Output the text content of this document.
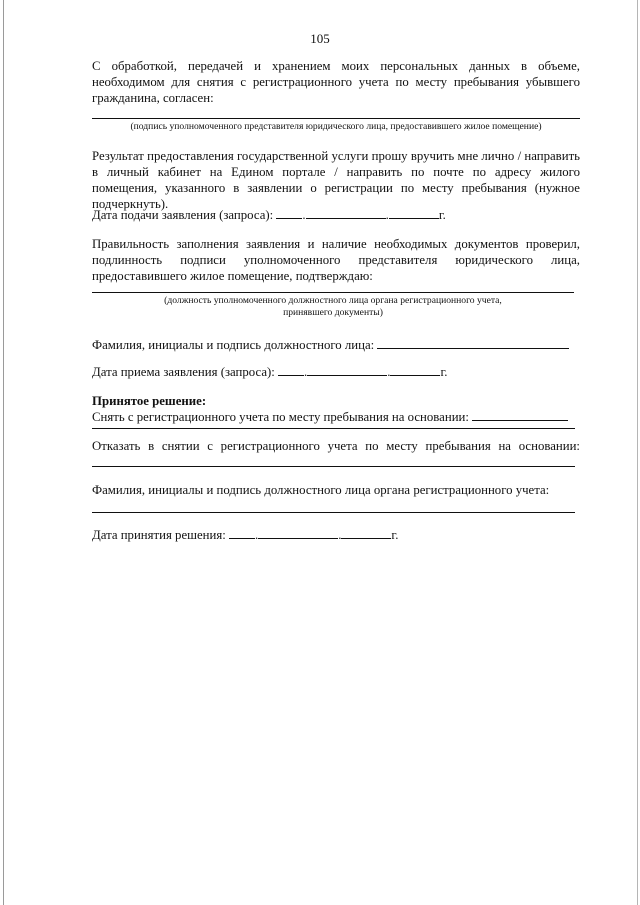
105
С обработкой, передачей и хранением моих персональных данных в объеме, необходимом для снятия с регистрационного учета по месту пребывания убывшего гражданина, согласен:
(подпись уполномоченного представителя юридического лица, предоставившего жилое помещение)
Результат предоставления государственной услуги прошу вручить мне лично / направить в личный кабинет на Едином портале / направить по почте по адресу жилого помещения, указанного в заявлении о регистрации по месту пребывания (нужное подчеркнуть).
Дата подачи заявления (запроса): .	.	г.
Правильность заполнения заявления и наличие необходимых документов проверил, подлинность подписи уполномоченного представителя юридического лица, предоставившего жилое помещение, подтверждаю:
(должность уполномоченного должностного лица органа регистрационного учета,
принявшего документы)
Фамилия, инициалы и подпись должностного лица:
Дата приема заявления (запроса): .	.	г.
Принятое решение:
Снять с регистрационного учета по месту пребывания на основании:
Отказать в снятии с регистрационного учета по месту пребывания на основании:
Фамилия, инициалы и подпись должностного лица органа регистрационного учета:
Дата принятия решения: .	.	г.
